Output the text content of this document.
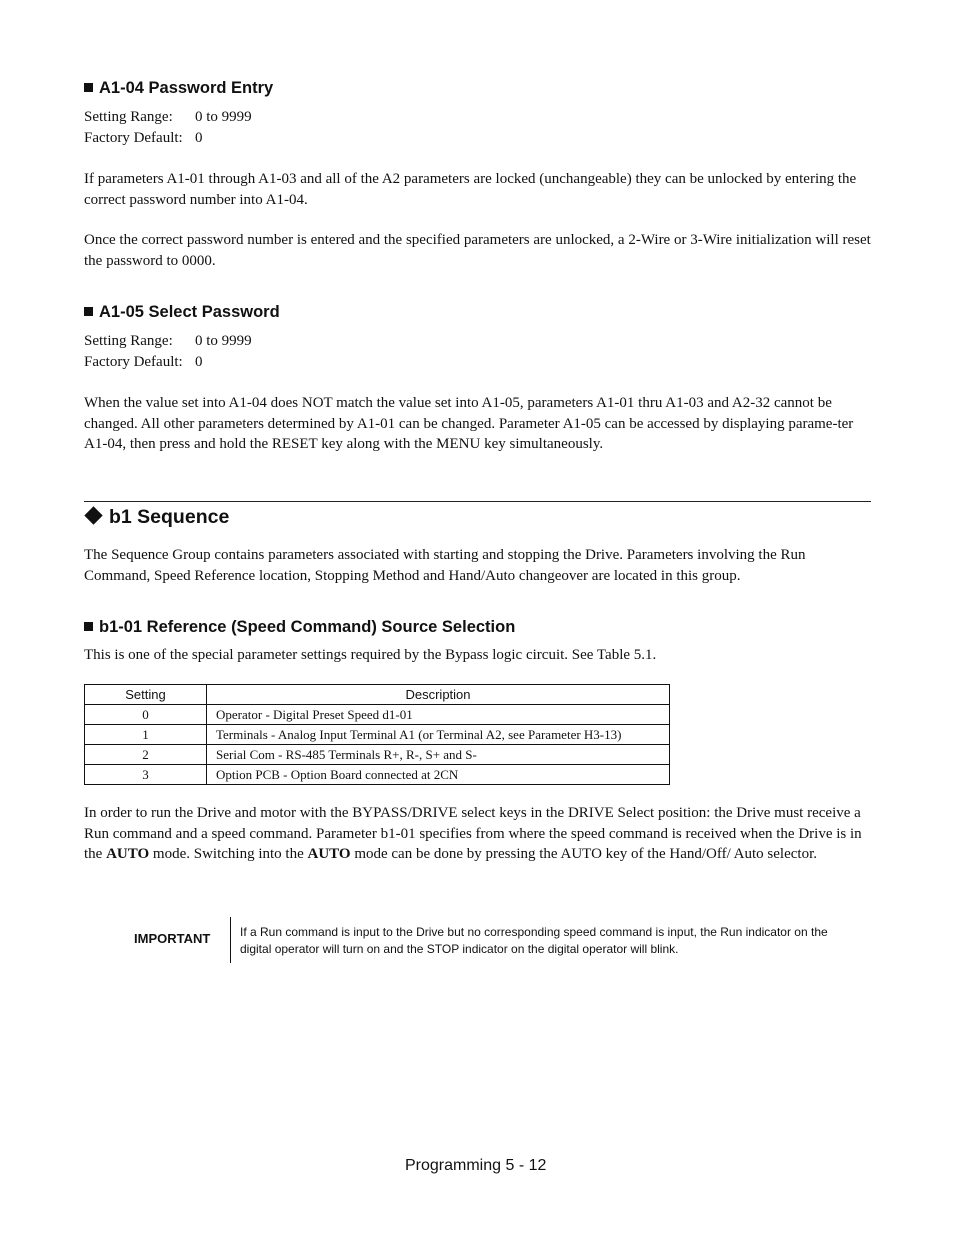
A1-04 Password Entry
Setting Range: 0 to 9999
Factory Default: 0
If parameters A1-01 through A1-03 and all of the A2 parameters are locked (unchangeable) they can be unlocked by entering the correct password number into A1-04.
Once the correct password number is entered and the specified parameters are unlocked, a 2-Wire or 3-Wire initialization will reset the password to 0000.
A1-05 Select Password
Setting Range: 0 to 9999
Factory Default: 0
When the value set into A1-04 does NOT match the value set into A1-05, parameters A1-01 thru A1-03 and A2-32 cannot be changed. All other parameters determined by A1-01 can be changed. Parameter A1-05 can be accessed by displaying parame-ter A1-04, then press and hold the RESET key along with the MENU key simultaneously.
b1 Sequence
The Sequence Group contains parameters associated with starting and stopping the Drive. Parameters involving the Run Command, Speed Reference location, Stopping Method and Hand/Auto changeover are located in this group.
b1-01 Reference (Speed Command) Source Selection
This is one of the special parameter settings required by the Bypass logic circuit. See Table 5.1.
Setting	Description
0	Operator - Digital Preset Speed d1-01
1	Terminals - Analog Input Terminal A1 (or Terminal A2, see Parameter H3-13)
2	Serial Com - RS-485 Terminals R+, R-, S+ and S-
3	Option PCB - Option Board connected at 2CN
In order to run the Drive and motor with the BYPASS/DRIVE select keys in the DRIVE Select position: the Drive must receive a Run command and a speed command. Parameter b1-01 specifies from where the speed command is received when the Drive is in the AUTO mode. Switching into the AUTO mode can be done by pressing the AUTO key of the Hand/Off/ Auto selector.
IMPORTANT If a Run command is input to the Drive but no corresponding speed command is input, the Run indicator on the digital operator will turn on and the STOP indicator on the digital operator will blink.
Programming 5 - 12
